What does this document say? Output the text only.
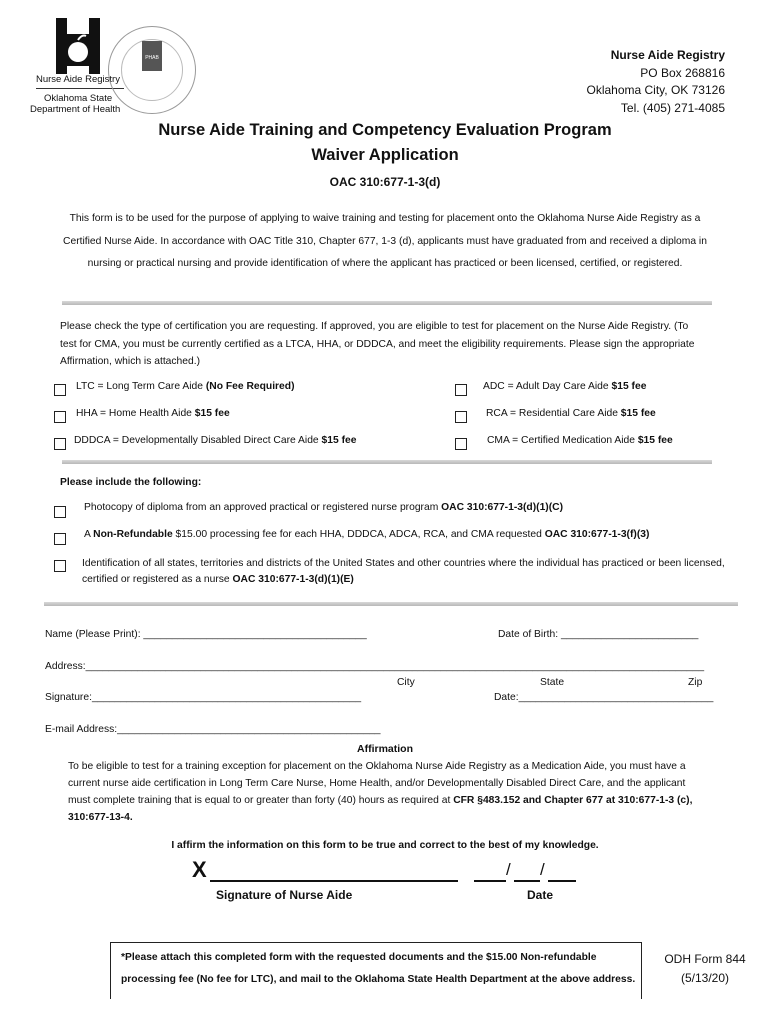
Nurse Aide Registry
Oklahoma State
Department of Health
PHAB	Nurse Aide Registry
PO Box 268816
Oklahoma City, OK 73126
Tel. (405) 271-4085
Nurse Aide Training and Competency Evaluation Program
Waiver Application
OAC 310:677-1-3(d)
This form is to be used for the purpose of applying to waive training and testing for placement onto the Oklahoma Nurse Aide Registry as a Certified Nurse Aide. In accordance with OAC Title 310, Chapter 677, 1-3 (d), applicants must have graduated from and received a diploma in nursing or practical nursing and provide identification of where the applicant has practiced or been licensed, certified, or registered.
Please check the type of certification you are requesting. If approved, you are eligible to test for placement on the Nurse Aide Registry. (To test for CMA, you must be currently certified as a LTCA, HHA, or DDDCA, and meet the eligibility requirements. Please sign the appropriate Affirmation, which is attached.)
LTC = Long Term Care Aide (No Fee Required)	ADC = Adult Day Care Aide $15 fee
HHA = Home Health Aide $15 fee	RCA = Residential Care Aide $15 fee
DDDCA = Developmentally Disabled Direct Care Aide $15 fee	CMA = Certified Medication Aide $15 fee
Please include the following:
Photocopy of diploma from an approved practical or registered nurse program OAC 310:677-1-3(d)(1)(C)
A Non-Refundable $15.00 processing fee for each HHA, DDDCA, ADCA, RCA, and CMA requested OAC 310:677-1-3(f)(3)
Identification of all states, territories and districts of the United States and other countries where the individual has practiced or been licensed, certified or registered as a nurse OAC 310:677-1-3(d)(1)(E)
Name (Please Print): _______________________________________	Date of Birth: ________________________
Address:____________________________________________________________________________________________________________
City	State	Zip
Signature:_______________________________________________	Date:__________________________________
E-mail Address:______________________________________________
Affirmation
To be eligible to test for a training exception for placement on the Oklahoma Nurse Aide Registry as a Medication Aide, you must have a current nurse aide certification in Long Term Care Nurse, Home Health, and/or Developmentally Disabled Direct Care, and the applicant must complete training that is equal to or greater than forty (40) hours as required at CFR §483.152 and Chapter 677 at 310:677-1-3 (c), 310:677-13-4.
I affirm the information on this form to be true and correct to the best of my knowledge.
X	/ /
Signature of Nurse Aide	Date
*Please attach this completed form with the requested documents and the $15.00 Non-refundable processing fee (No fee for LTC), and mail to the Oklahoma State Health Department at the above address.
ODH Form 844
(5/13/20)
